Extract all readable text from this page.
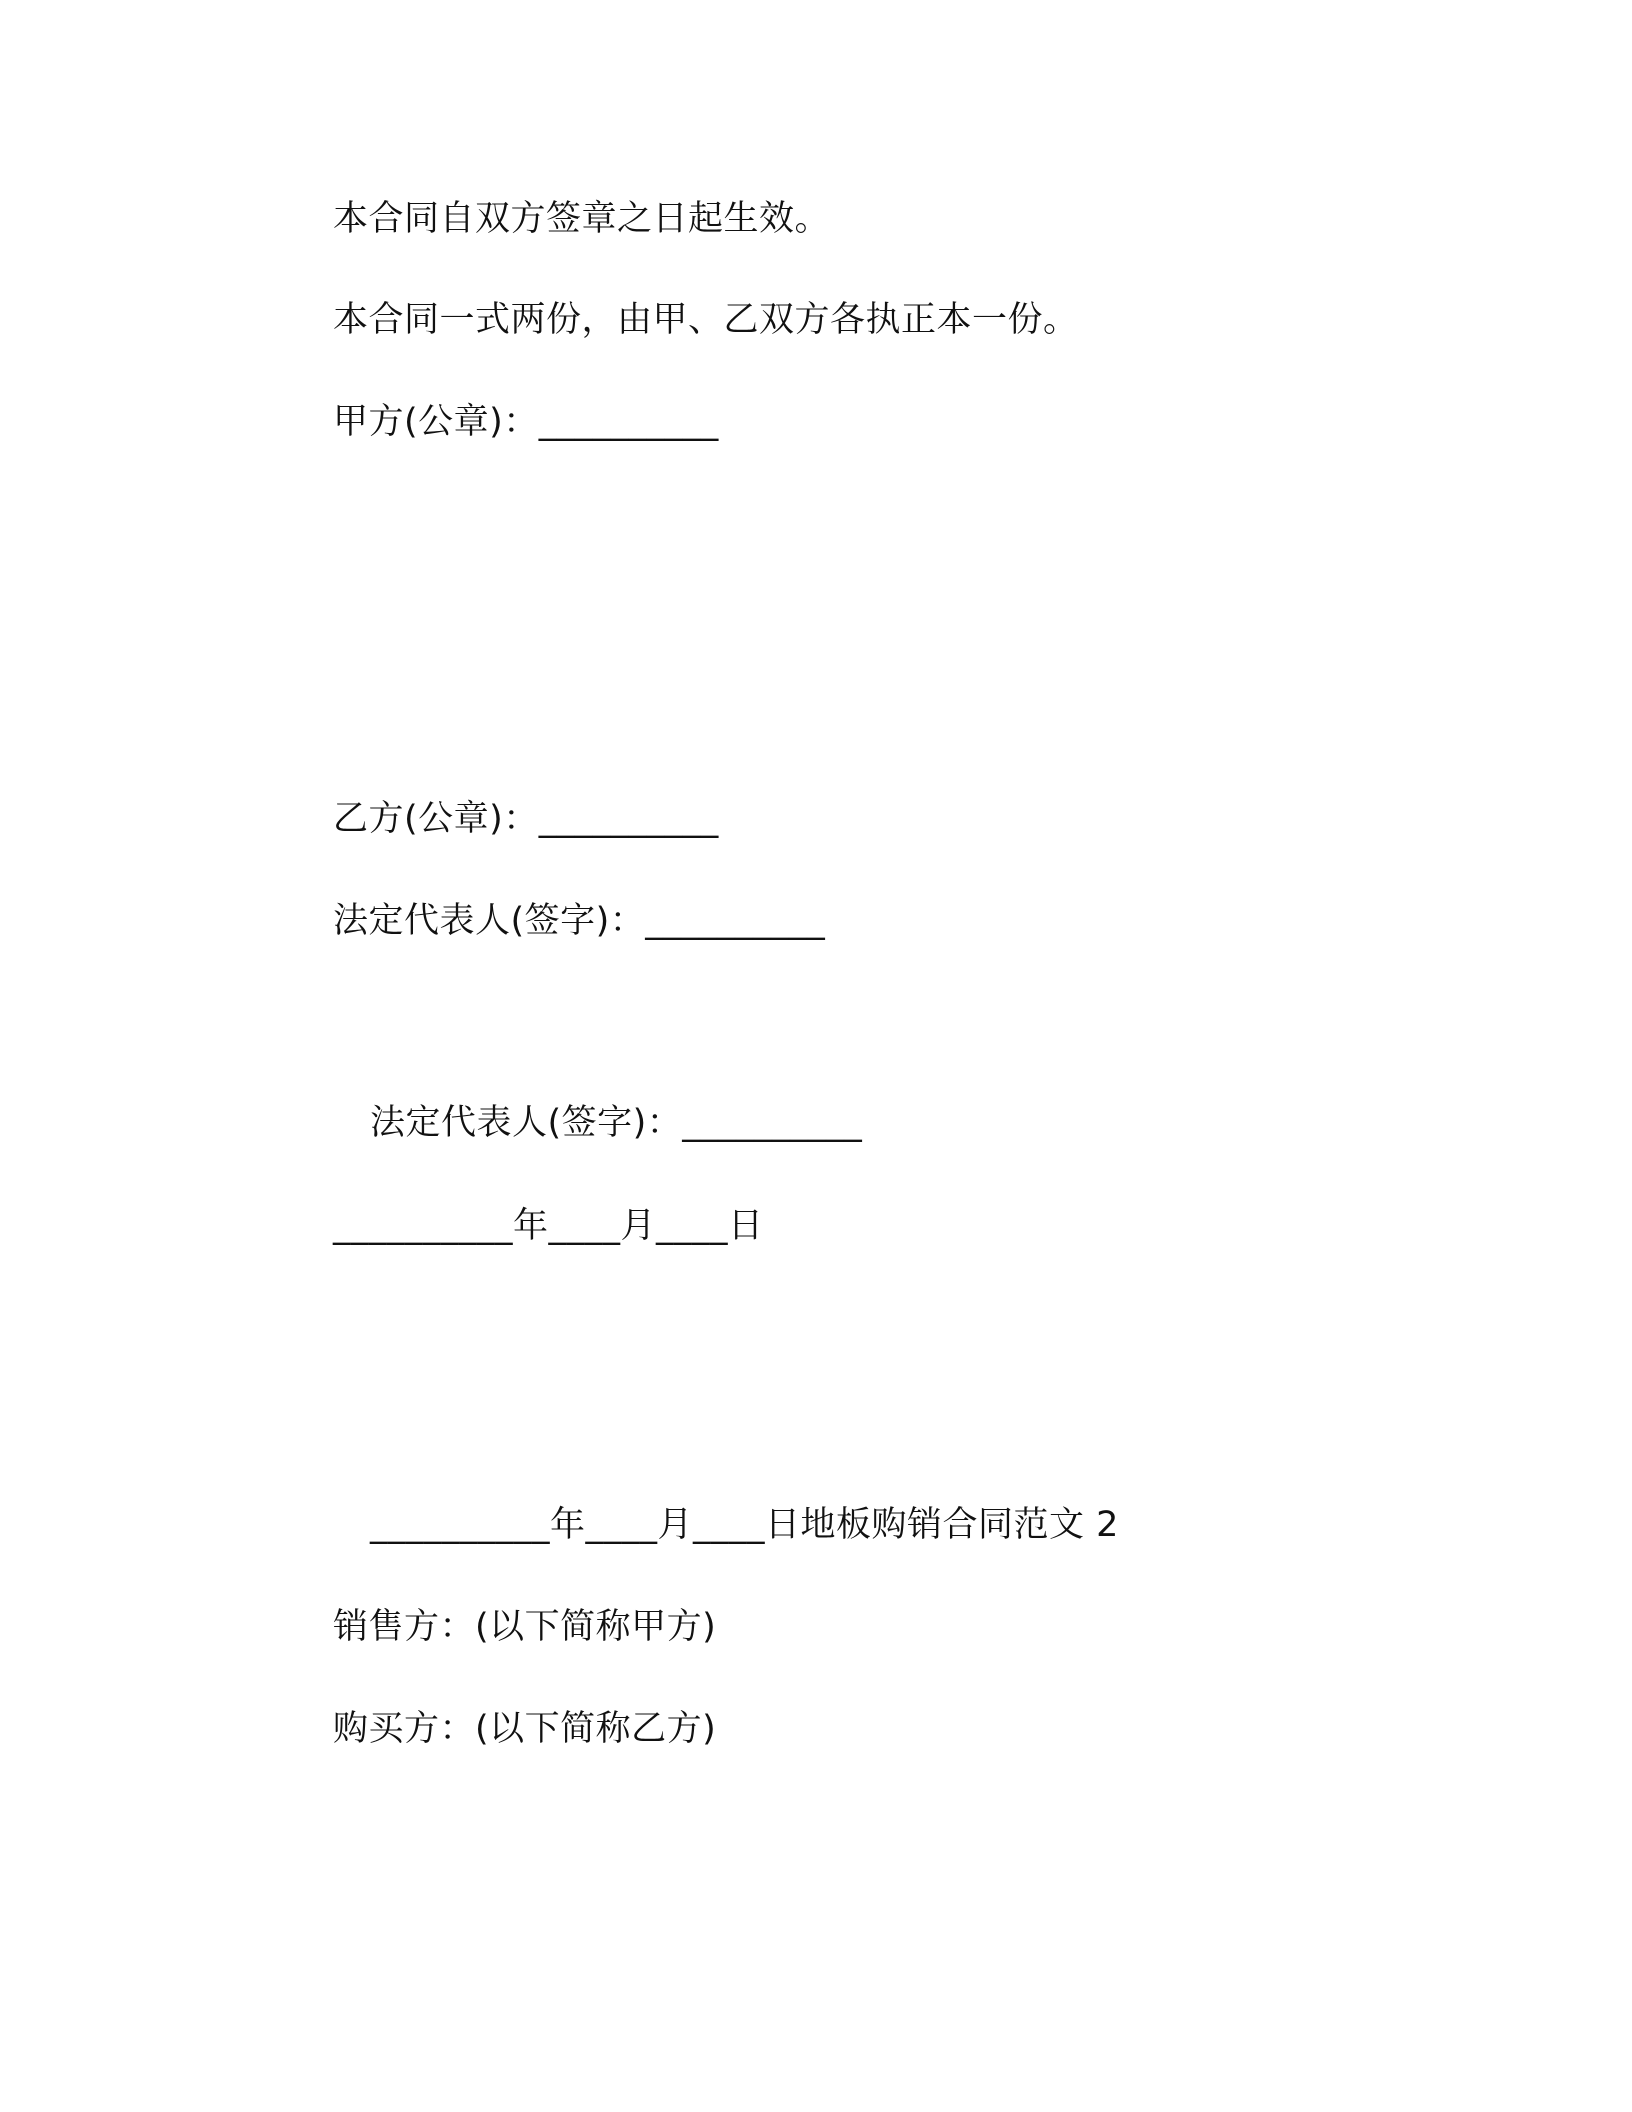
本合同自双方签章之日起生效。
本合同一式两份，由甲、乙双方各执正本一份。
甲方(公章)：__________
乙方(公章)：__________
法定代表人(签字)：__________
法定代表人(签字)：__________
__________年____月____日
__________年____月____日地板购销合同范文 2
销售方：(以下简称甲方)
购买方：(以下简称乙方)
